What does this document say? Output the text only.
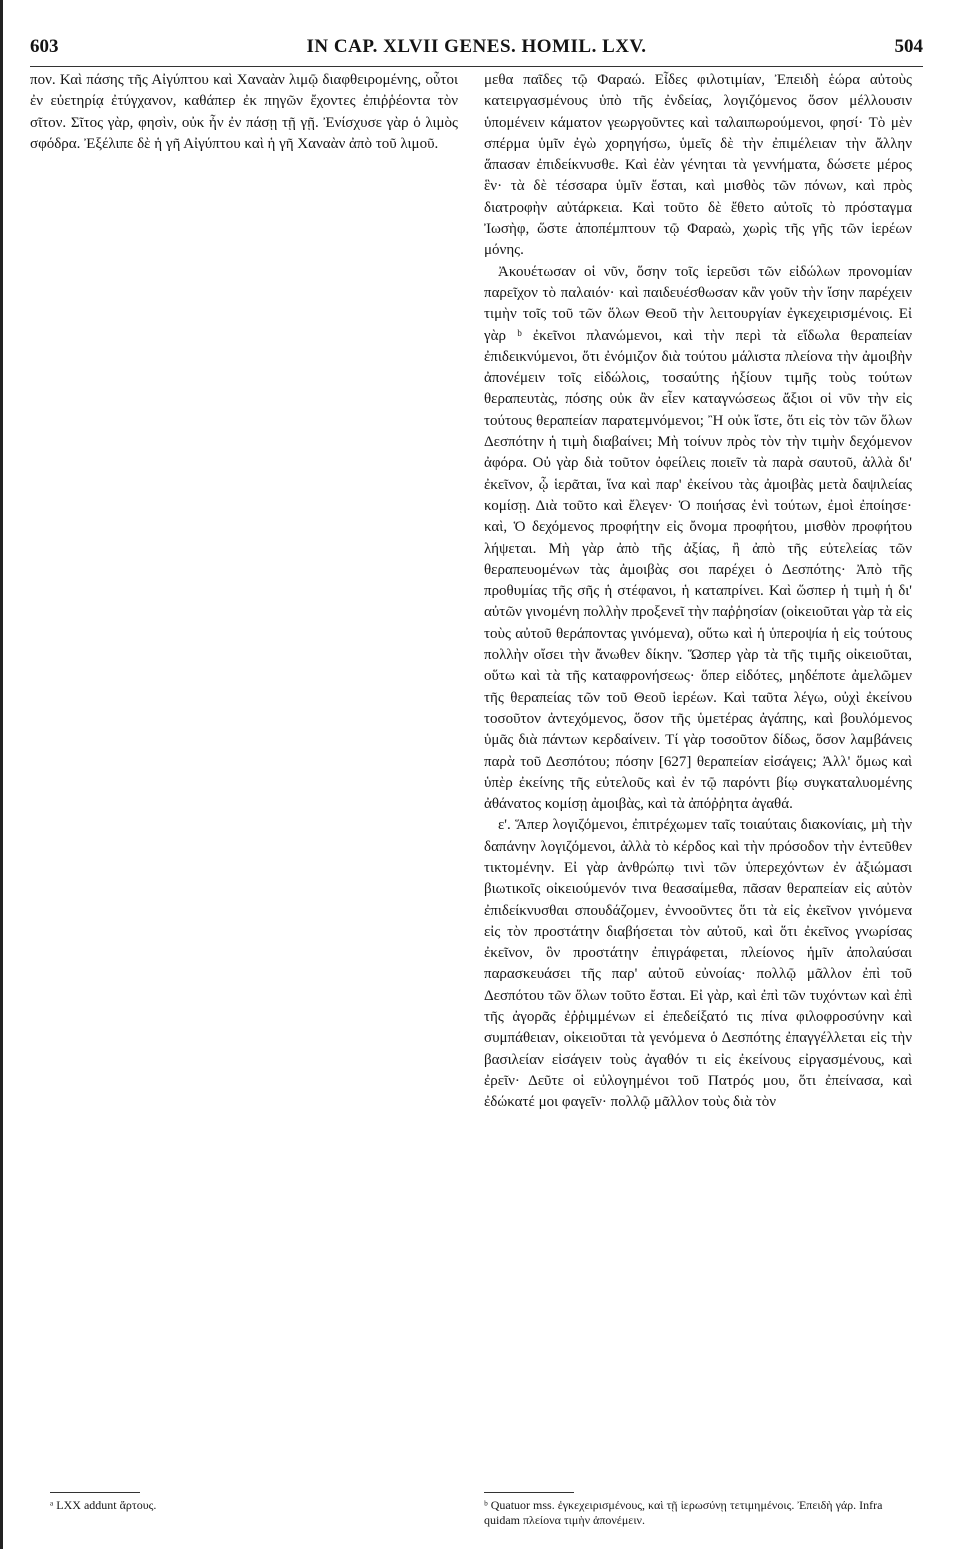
603	IN CAP. XLVII GENES. HOMIL. LXV.	504

πον. Καὶ πάσης τῆς Αἰγύπτου καὶ Χαναὰν λιμῷ διαφθειρομένης, οὗτοι ἐν εὐετηρίᾳ ἐτύγχανον, καθάπερ ἐκ πηγῶν ἔχοντες ἐπιῤῥέοντα τὸν σῖτον. Σῖτος γὰρ, φησὶν, οὐκ ἦν ἐν πάσῃ τῇ γῇ. Ἐνίσχυσε γὰρ ὁ λιμὸς σφόδρα. Ἐξέλιπε δὲ ἡ γῆ Αἰγύπτου καὶ ἡ γῆ Χαναὰν ἀπὸ τοῦ λιμοῦ.

μεθα παῖδες τῷ Φαραώ. Εἶδες φιλοτιμίαν, Ἐπειδὴ ἑώρα αὐτοὺς κατειργασμένους ὑπὸ τῆς ἐνδείας, λογιζόμενος ὅσον μέλλουσιν ὑπομένειν κάματον γεωργοῦντες καὶ ταλαιπωρούμενοι, φησί· Τὸ μὲν σπέρμα ὑμῖν ἐγὼ χορηγήσω, ὑμεῖς δὲ τὴν ἐπιμέλειαν τὴν ἄλλην ἅπασαν ἐπιδείκνυσθε. Καὶ ἐὰν γένηται τὰ γεννήματα, δώσετε μέρος ἓν· τὰ δὲ τέσσαρα ὑμῖν ἔσται, καὶ μισθὸς τῶν πόνων, καὶ πρὸς διατροφὴν αὐτάρκεια. Καὶ τοῦτο δὲ ἔθετο αὐτοῖς τὸ πρόσταγμα Ἰωσὴφ, ὥστε ἀποπέμπτουν τῷ Φαραὼ, χωρὶς τῆς γῆς τῶν ἱερέων μόνης.

Ἀκουέτωσαν οἱ νῦν, ὅσην τοῖς ἱερεῦσι τῶν εἰδώλων προνομίαν παρεῖχον τὸ παλαιόν· καὶ παιδευέσθωσαν κἂν γοῦν τὴν ἴσην παρέχειν τιμὴν τοῖς τοῦ τῶν ὅλων Θεοῦ τὴν λειτουργίαν ἐγκεχειρισμένοις. Εἰ γὰρ ᵇ ἐκεῖνοι πλανώμενοι, καὶ τὴν περὶ τὰ εἴδωλα θεραπείαν ἐπιδεικνύμενοι, ὅτι ἐνόμιζον διὰ τούτου μάλιστα πλείονα τὴν ἀμοιβὴν ἀπονέμειν τοῖς εἰδώλοις, τοσαύτης ἠξίουν τιμῆς τοὺς τούτων θεραπευτὰς, πόσης οὐκ ἂν εἶεν καταγνώσεως ἄξιοι οἱ νῦν τὴν εἰς τούτους θεραπείαν παρατεμνόμενοι; Ἢ οὐκ ἴστε, ὅτι εἰς τὸν τῶν ὅλων Δεσπότην ἡ τιμὴ διαβαίνει; Μὴ τοίνυν πρὸς τὸν τὴν τιμὴν δεχόμενον ἀφόρα. Οὐ γὰρ διὰ τοῦτον ὀφείλεις ποιεῖν τὰ παρὰ σαυτοῦ, ἀλλὰ δι' ἐκεῖνον, ᾧ ἱερᾶται, ἵνα καὶ παρ' ἐκείνου τὰς ἀμοιβὰς μετὰ δαψιλείας κομίσῃ. Διὰ τοῦτο καὶ ἔλεγεν· Ὁ ποιήσας ἑνὶ τούτων, ἐμοὶ ἐποίησε· καὶ, Ὁ δεχόμενος προφήτην εἰς ὄνομα προφήτου, μισθὸν προφήτου λήψεται. Μὴ γὰρ ἀπὸ τῆς ἀξίας, ἢ ἀπὸ τῆς εὐτελείας τῶν θεραπευομένων τὰς ἀμοιβὰς σοι παρέχει ὁ Δεσπότης· Ἀπὸ τῆς προθυμίας τῆς σῆς ἡ στέφανοι, ἡ καταπρίνει. Καὶ ὥσπερ ἡ τιμὴ ἡ δι' αὐτῶν γινομένη πολλὴν προξενεῖ τὴν παῤῥησίαν (οἰκειοῦται γὰρ τὰ εἰς τοὺς αὐτοῦ θεράποντας γινόμενα), οὕτω καὶ ἡ ὑπεροψία ἡ εἰς τούτους πολλὴν οἴσει τὴν ἄνωθεν δίκην. Ὥσπερ γὰρ τὰ τῆς τιμῆς οἰκειοῦται, οὕτω καὶ τὰ τῆς καταφρονήσεως· ὅπερ εἰδότες, μηδέποτε ἀμελῶμεν τῆς θεραπείας τῶν τοῦ Θεοῦ ἱερέων. Καὶ ταῦτα λέγω, οὐχὶ ἐκείνου τοσοῦτον ἀντεχόμενος, ὅσον τῆς ὑμετέρας ἀγάπης, καὶ βουλόμενος ὑμᾶς διὰ πάντων κερδαίνειν. Τί γὰρ τοσοῦτον δίδως, ὅσον λαμβάνεις παρὰ τοῦ Δεσπότου; πόσην [627] θεραπείαν εἰσάγεις; Ἀλλ' ὅμως καὶ ὑπὲρ ἐκείνης τῆς εὐτελοῦς καὶ ἐν τῷ παρόντι βίῳ συγκαταλυομένης ἀθάνατος κομίσῃ ἀμοιβὰς, καὶ τὰ ἀπόῤῥητα ἀγαθά.

ε'. Ἅπερ λογιζόμενοι, ἐπιτρέχωμεν ταῖς τοιαύταις διακονίαις, μὴ τὴν δαπάνην λογιζόμενοι, ἀλλὰ τὸ κέρδος καὶ τὴν πρόσοδον τὴν ἐντεῦθεν τικτομένην. Εἰ γὰρ ἀνθρώπῳ τινὶ τῶν ὑπερεχόντων ἐν ἀξιώμασι βιωτικοῖς οἰκειούμενόν τινα θεασαίμεθα, πᾶσαν θεραπείαν εἰς αὐτὸν ἐπιδείκνυσθαι σπουδάζομεν, ἐννοοῦντες ὅτι τὰ εἰς ἐκεῖνον γινόμενα εἰς τὸν προστάτην διαβήσεται τὸν αὐτοῦ, καὶ ὅτι ἐκεῖνος γνωρίσας ἐκεῖνον, ὃν προστάτην ἐπιγράφεται, πλείονος ἡμῖν ἀπολαύσαι παρασκευάσει τῆς παρ' αὐτοῦ εὐνοίας· πολλῷ μᾶλλον ἐπὶ τοῦ Δεσπότου τῶν ὅλων τοῦτο ἔσται. Εἰ γὰρ, καὶ ἐπὶ τῶν τυχόντων καὶ ἐπὶ τῆς ἀγορᾶς ἐῤῥιμμένων εἰ ἐπεδείξατό τις πίνα φιλοφροσύνην καὶ συμπάθειαν, οἰκειοῦται τὰ γενόμενα ὁ Δεσπότης ἐπαγγέλλεται εἰς τὴν βασιλείαν εἰσάγειν τοὺς ἀγαθόν τι εἰς ἐκείνους εἰργασμένους, καὶ ἐρεῖν· Δεῦτε οἱ εὐλογημένοι τοῦ Πατρός μου, ὅτι ἐπείνασα, καὶ ἐδώκατέ μοι φαγεῖν· πολλῷ μᾶλλον τοὺς διὰ τὸν

ᵃ LXX addunt ἄρτους.	ᵇ Quatuor mss. ἐγκεχειρισμένους, καὶ τῇ ἱερωσύνῃ τετιμημένοις. Ἐπειδὴ γάρ. Infra quidam πλείονα τιμὴν ἀπονέμειν.
